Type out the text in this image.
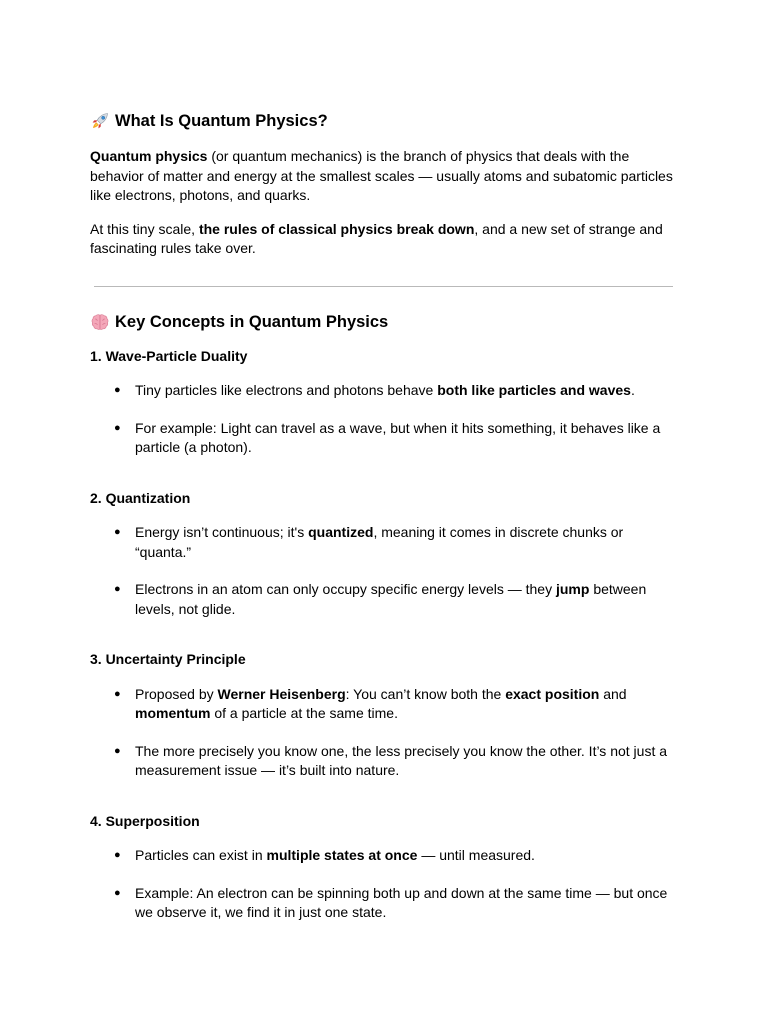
What Is Quantum Physics?

Quantum physics (or quantum mechanics) is the branch of physics that deals with the behavior of matter and energy at the smallest scales — usually atoms and subatomic particles like electrons, photons, and quarks.

At this tiny scale, the rules of classical physics break down, and a new set of strange and fascinating rules take over.

Key Concepts in Quantum Physics
1. Wave-Particle Duality
● Tiny particles like electrons and photons behave both like particles and waves.
● For example: Light can travel as a wave, but when it hits something, it behaves like a particle (a photon).
2. Quantization
● Energy isn’t continuous; it's quantized, meaning it comes in discrete chunks or “quanta.”
● Electrons in an atom can only occupy specific energy levels — they jump between levels, not glide.
3. Uncertainty Principle
● Proposed by Werner Heisenberg: You can’t know both the exact position and momentum of a particle at the same time.
● The more precisely you know one, the less precisely you know the other. It’s not just a measurement issue — it’s built into nature.
4. Superposition
● Particles can exist in multiple states at once — until measured.
● Example: An electron can be spinning both up and down at the same time — but once we observe it, we find it in just one state.
